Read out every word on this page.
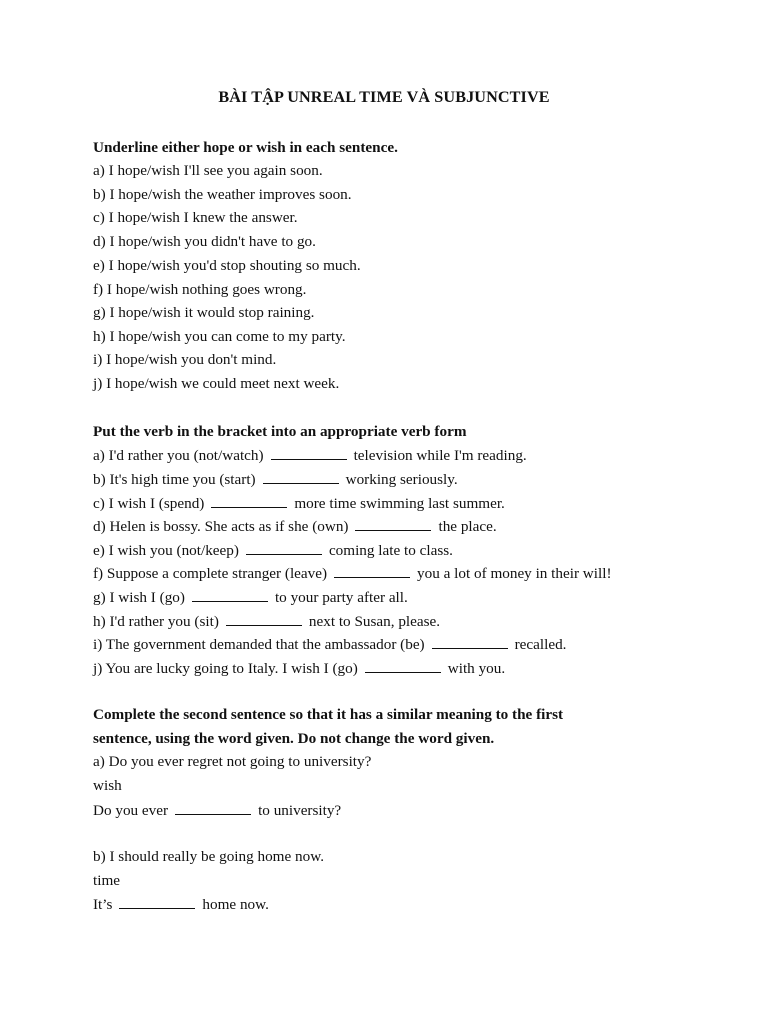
BÀI TẬP UNREAL TIME VÀ SUBJUNCTIVE
Underline either hope or wish in each sentence.
a) I hope/wish I'll see you again soon.
b) I hope/wish the weather improves soon.
c) I hope/wish I knew the answer.
d) I hope/wish you didn't have to go.
e) I hope/wish you'd stop shouting so much.
f) I hope/wish nothing goes wrong.
g) I hope/wish it would stop raining.
h) I hope/wish you can come to my party.
i) I hope/wish you don't mind.
j) I hope/wish we could meet next week.
Put the verb in the bracket into an appropriate verb form
a) I'd rather you (not/watch)	television while I'm reading.
b) It's high time you (start)	working seriously.
c) I wish I (spend)	more time swimming last summer.
d) Helen is bossy. She acts as if she (own)	the place.
e) I wish you (not/keep)	coming late to class.
f) Suppose a complete stranger (leave)	you a lot of money in their will!
g) I wish I (go)	to your party after all.
h) I'd rather you (sit)	next to Susan, please.
i) The government demanded that the ambassador (be)	recalled.
j) You are lucky going to Italy. I wish I (go)	with you.
Complete the second sentence so that it has a similar meaning to the first
sentence, using the word given. Do not change the word given.
a) Do you ever regret not going to university?
wish
Do you ever	to university?
b) I should really be going home now.
time
It’s	home now.
